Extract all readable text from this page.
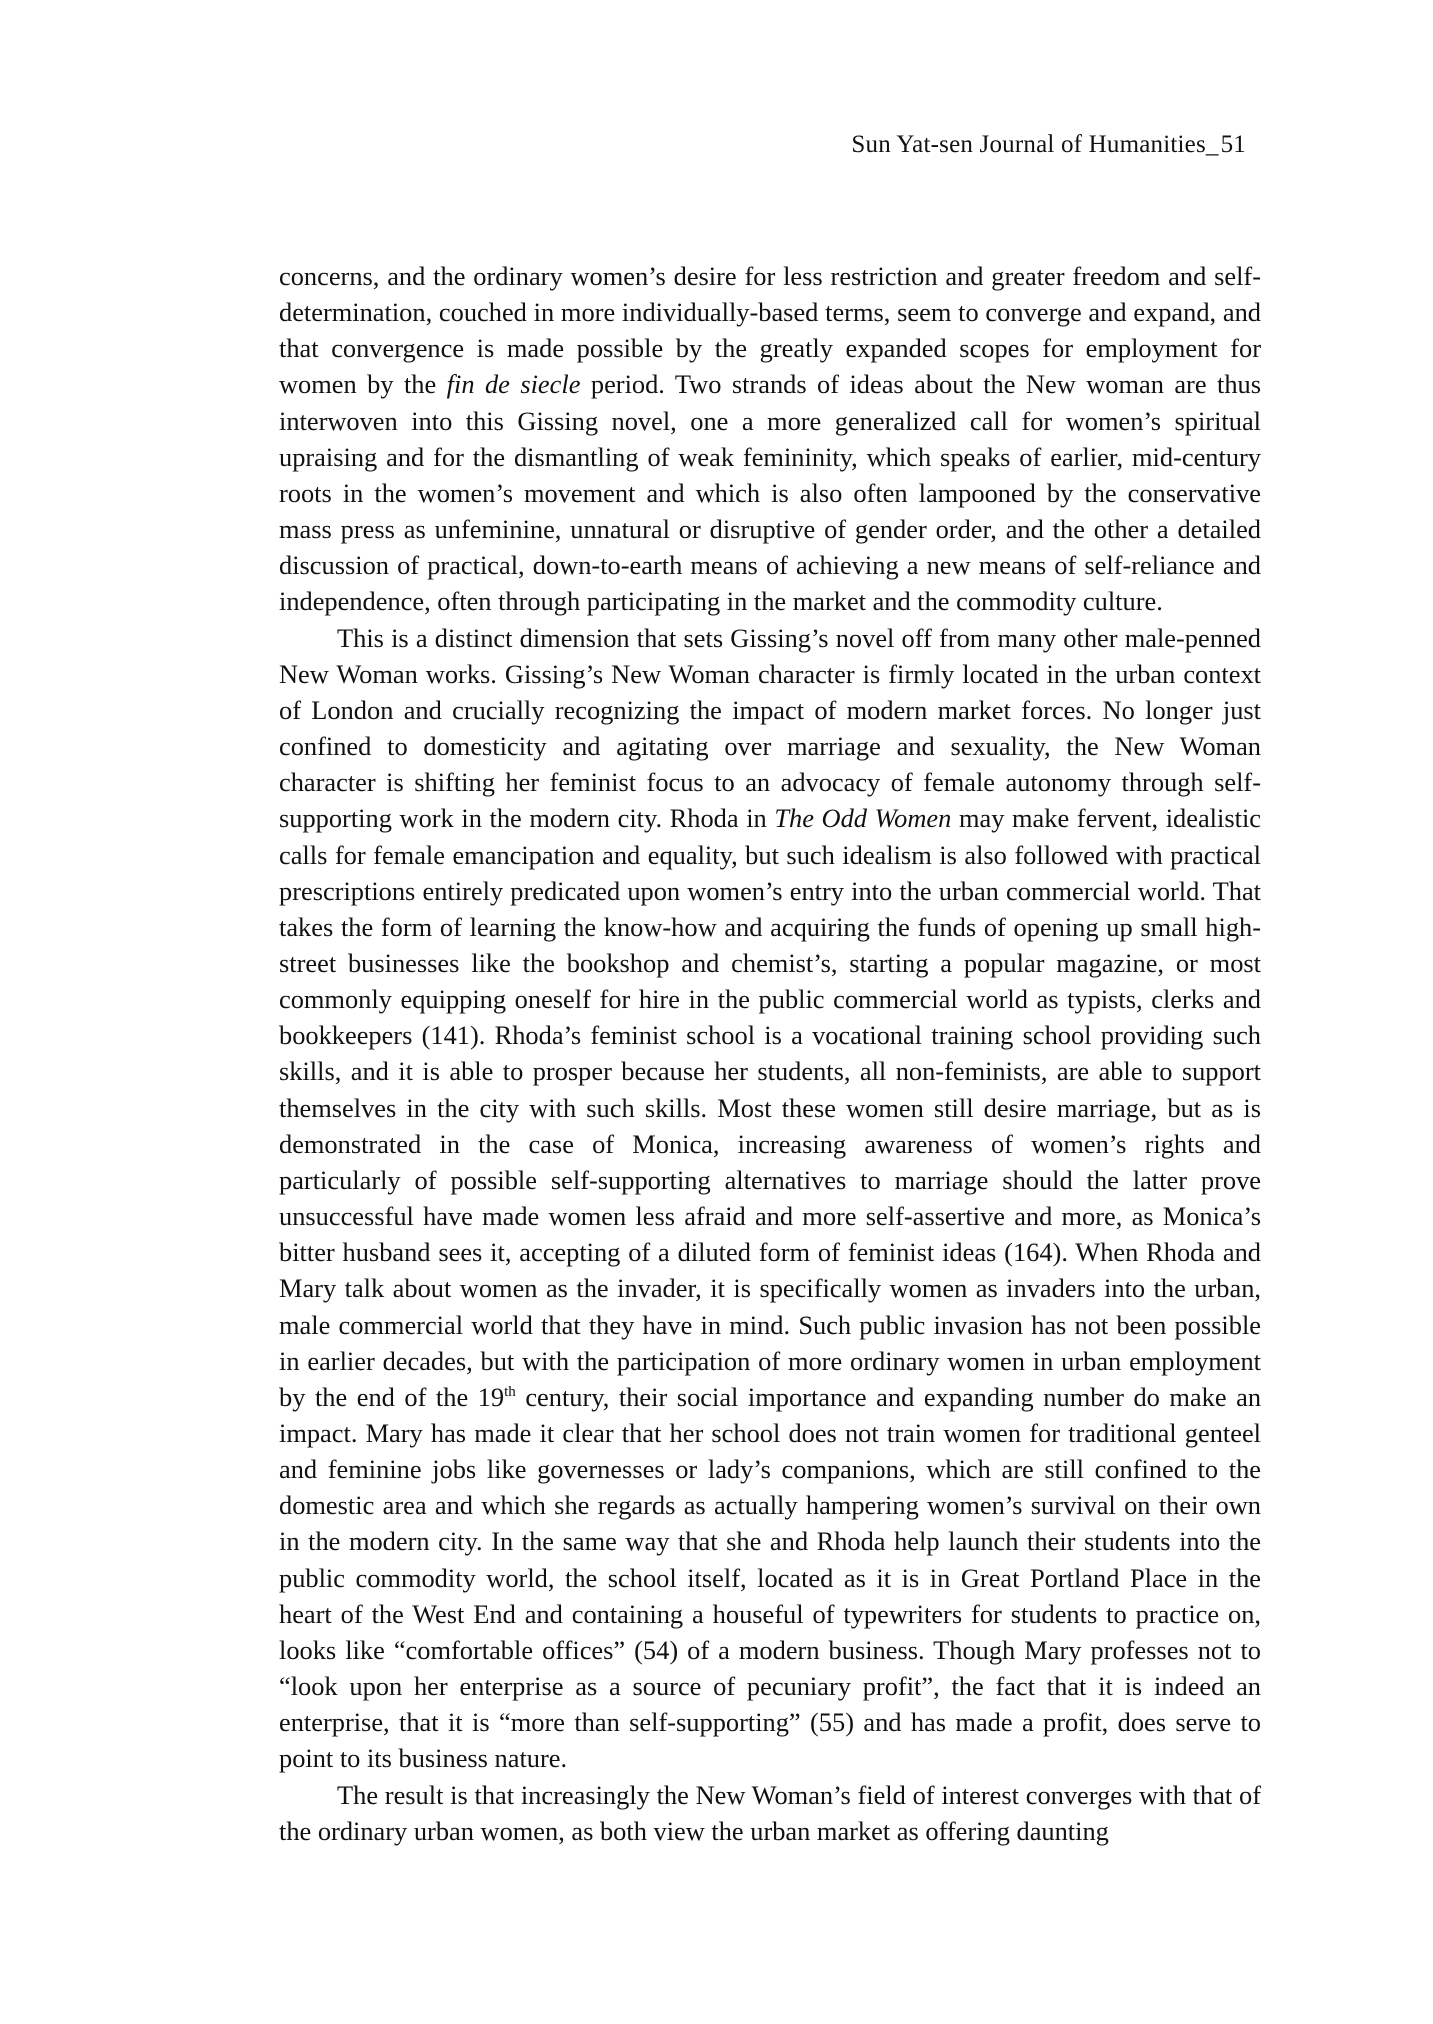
Sun Yat-sen Journal of Humanities_51

concerns, and the ordinary women’s desire for less restriction and greater freedom and self-determination, couched in more individually-based terms, seem to converge and expand, and that convergence is made possible by the greatly expanded scopes for employment for women by the fin de siecle period. Two strands of ideas about the New woman are thus interwoven into this Gissing novel, one a more generalized call for women’s spiritual upraising and for the dismantling of weak femininity, which speaks of earlier, mid-century roots in the women’s movement and which is also often lampooned by the conservative mass press as unfeminine, unnatural or disruptive of gender order, and the other a detailed discussion of practical, down-to-earth means of achieving a new means of self-reliance and independence, often through participating in the market and the commodity culture.

This is a distinct dimension that sets Gissing’s novel off from many other male-penned New Woman works. Gissing’s New Woman character is firmly located in the urban context of London and crucially recognizing the impact of modern market forces. No longer just confined to domesticity and agitating over marriage and sexuality, the New Woman character is shifting her feminist focus to an advocacy of female autonomy through self-supporting work in the modern city. Rhoda in The Odd Women may make fervent, idealistic calls for female emancipation and equality, but such idealism is also followed with practical prescriptions entirely predicated upon women’s entry into the urban commercial world. That takes the form of learning the know-how and acquiring the funds of opening up small high-street businesses like the bookshop and chemist’s, starting a popular magazine, or most commonly equipping oneself for hire in the public commercial world as typists, clerks and bookkeepers (141). Rhoda’s feminist school is a vocational training school providing such skills, and it is able to prosper because her students, all non-feminists, are able to support themselves in the city with such skills. Most these women still desire marriage, but as is demonstrated in the case of Monica, increasing awareness of women’s rights and particularly of possible self-supporting alternatives to marriage should the latter prove unsuccessful have made women less afraid and more self-assertive and more, as Monica’s bitter husband sees it, accepting of a diluted form of feminist ideas (164). When Rhoda and Mary talk about women as the invader, it is specifically women as invaders into the urban, male commercial world that they have in mind. Such public invasion has not been possible in earlier decades, but with the participation of more ordinary women in urban employment by the end of the 19th century, their social importance and expanding number do make an impact. Mary has made it clear that her school does not train women for traditional genteel and feminine jobs like governesses or lady’s companions, which are still confined to the domestic area and which she regards as actually hampering women’s survival on their own in the modern city. In the same way that she and Rhoda help launch their students into the public commodity world, the school itself, located as it is in Great Portland Place in the heart of the West End and containing a houseful of typewriters for students to practice on, looks like “comfortable offices” (54) of a modern business. Though Mary professes not to “look upon her enterprise as a source of pecuniary profit”, the fact that it is indeed an enterprise, that it is “more than self-supporting” (55) and has made a profit, does serve to point to its business nature.

The result is that increasingly the New Woman’s field of interest converges with that of the ordinary urban women, as both view the urban market as offering daunting
